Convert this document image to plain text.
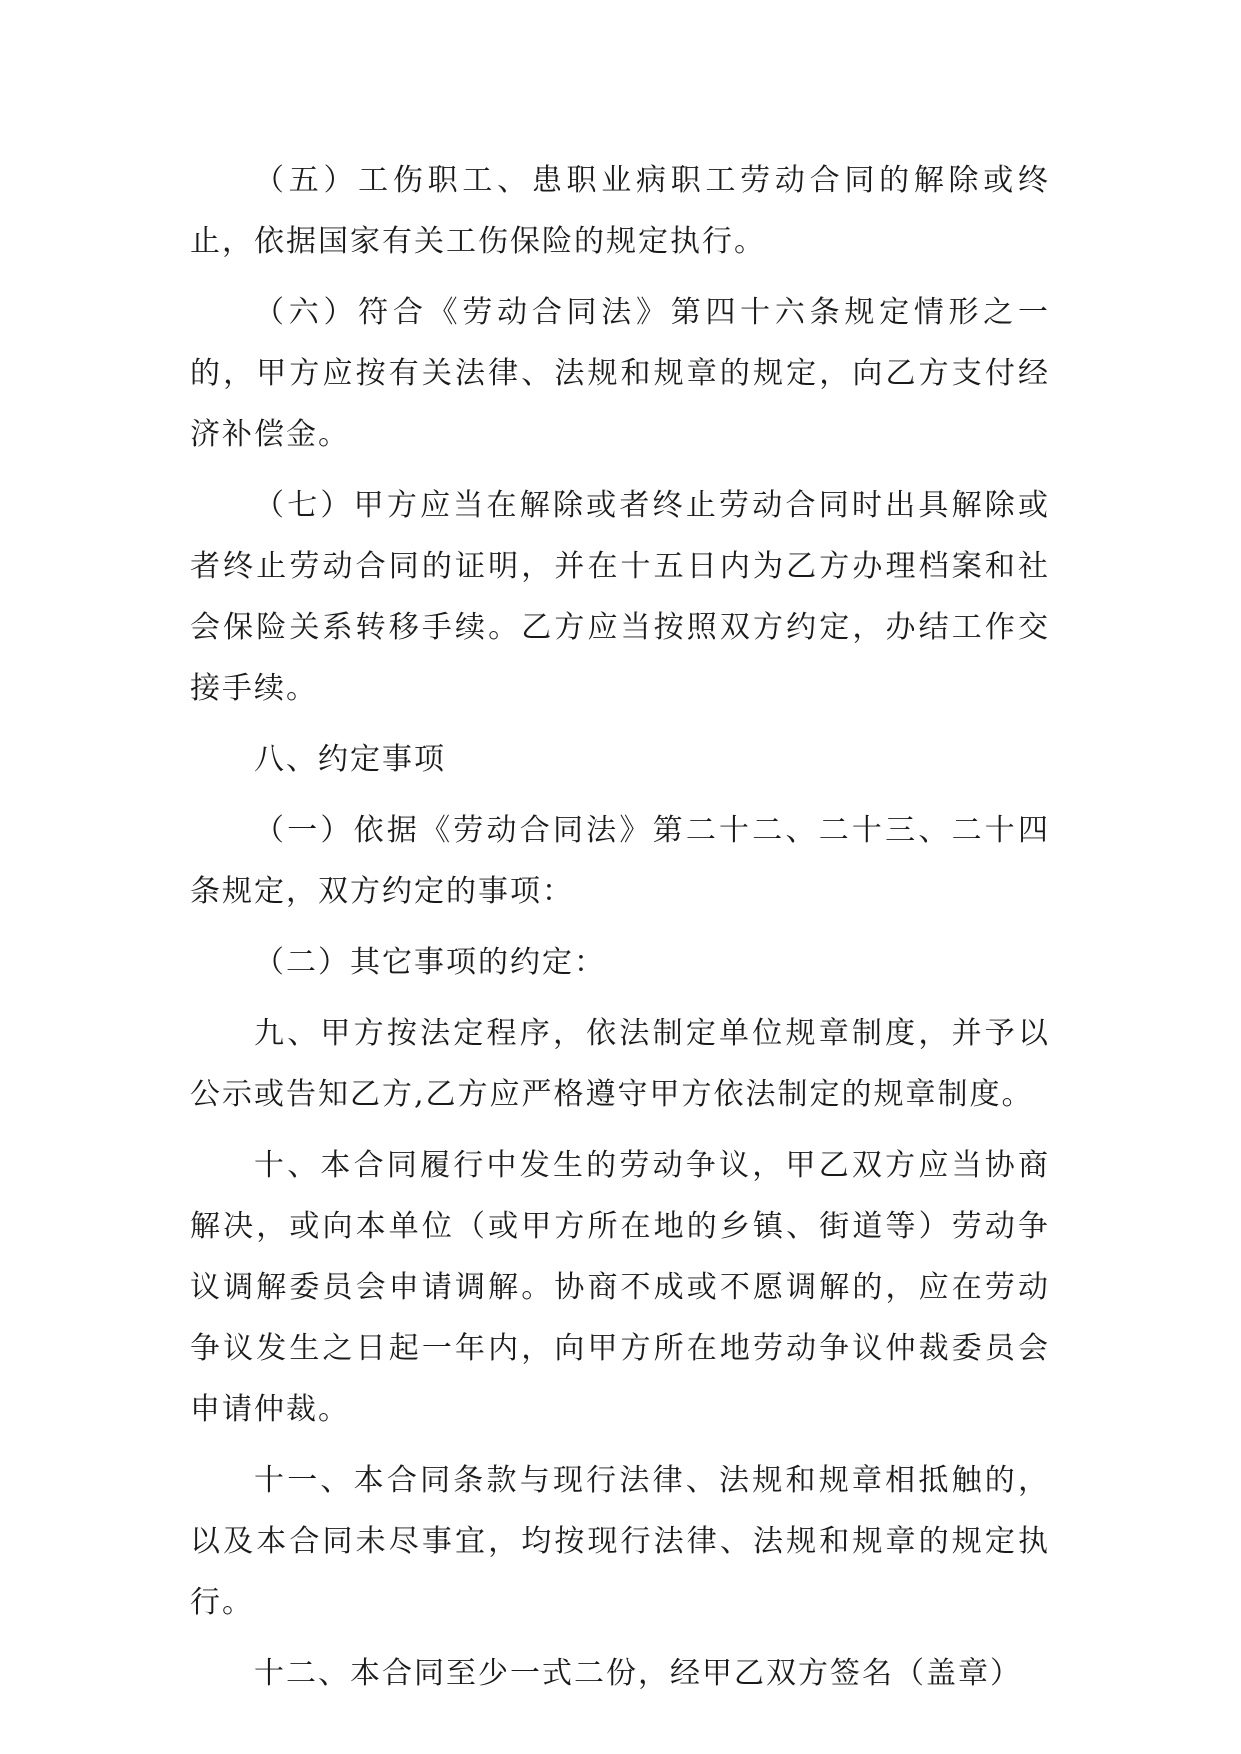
（五）工伤职工、患职业病职工劳动合同的解除或终止，依据国家有关工伤保险的规定执行。

（六）符合《劳动合同法》第四十六条规定情形之一的，甲方应按有关法律、法规和规章的规定，向乙方支付经济补偿金。

（七）甲方应当在解除或者终止劳动合同时出具解除或者终止劳动合同的证明，并在十五日内为乙方办理档案和社会保险关系转移手续。乙方应当按照双方约定，办结工作交接手续。

八、约定事项

（一）依据《劳动合同法》第二十二、二十三、二十四条规定，双方约定的事项：

（二）其它事项的约定：

九、甲方按法定程序，依法制定单位规章制度，并予以公示或告知乙方,乙方应严格遵守甲方依法制定的规章制度。

十、本合同履行中发生的劳动争议，甲乙双方应当协商解决，或向本单位（或甲方所在地的乡镇、街道等）劳动争议调解委员会申请调解。协商不成或不愿调解的，应在劳动争议发生之日起一年内，向甲方所在地劳动争议仲裁委员会申请仲裁。

十一、本合同条款与现行法律、法规和规章相抵触的，以及本合同未尽事宜，均按现行法律、法规和规章的规定执行。

十二、本合同至少一式二份，经甲乙双方签名（盖章）
